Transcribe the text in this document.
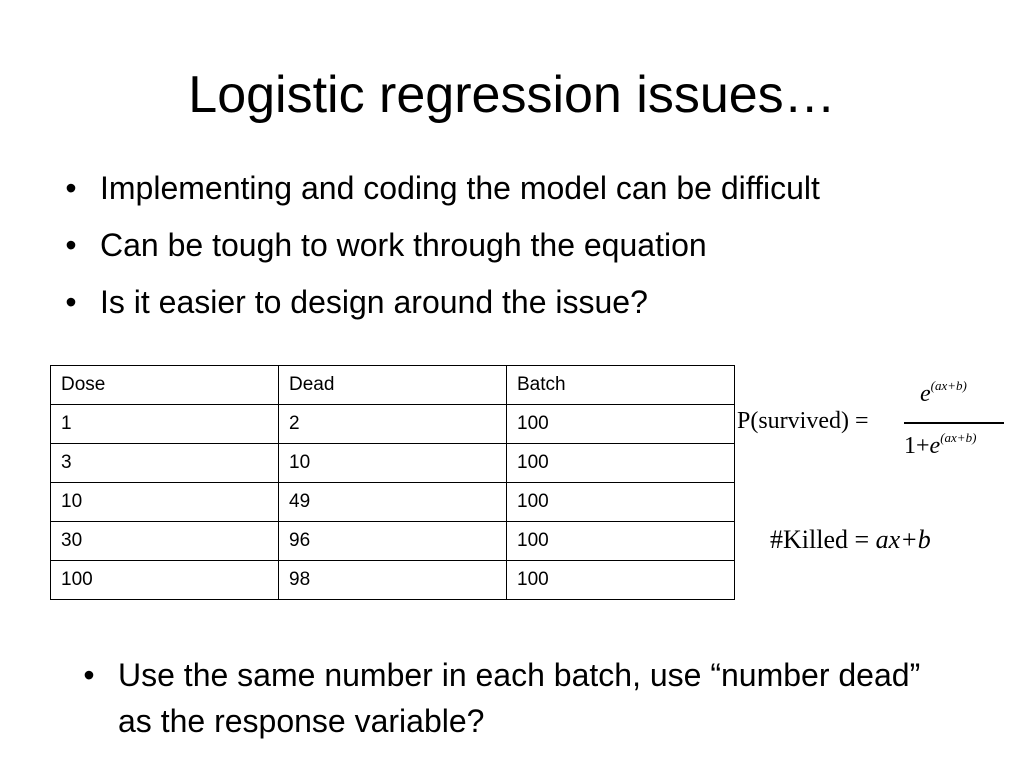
Logistic regression issues…
• Implementing and coding the model can be difficult
• Can be tough to work through the equation
• Is it easier to design around the issue?
Dose	Dead	Batch
1	2	100
3	10	100
10	49	100
30	96	100
100	98	100
P(survived) =
$e^{(ax+b)}$
$1+e^{(ax+b)}$
#Killed = ax+b
• Use the same number in each batch, use “number dead” as the response variable?
